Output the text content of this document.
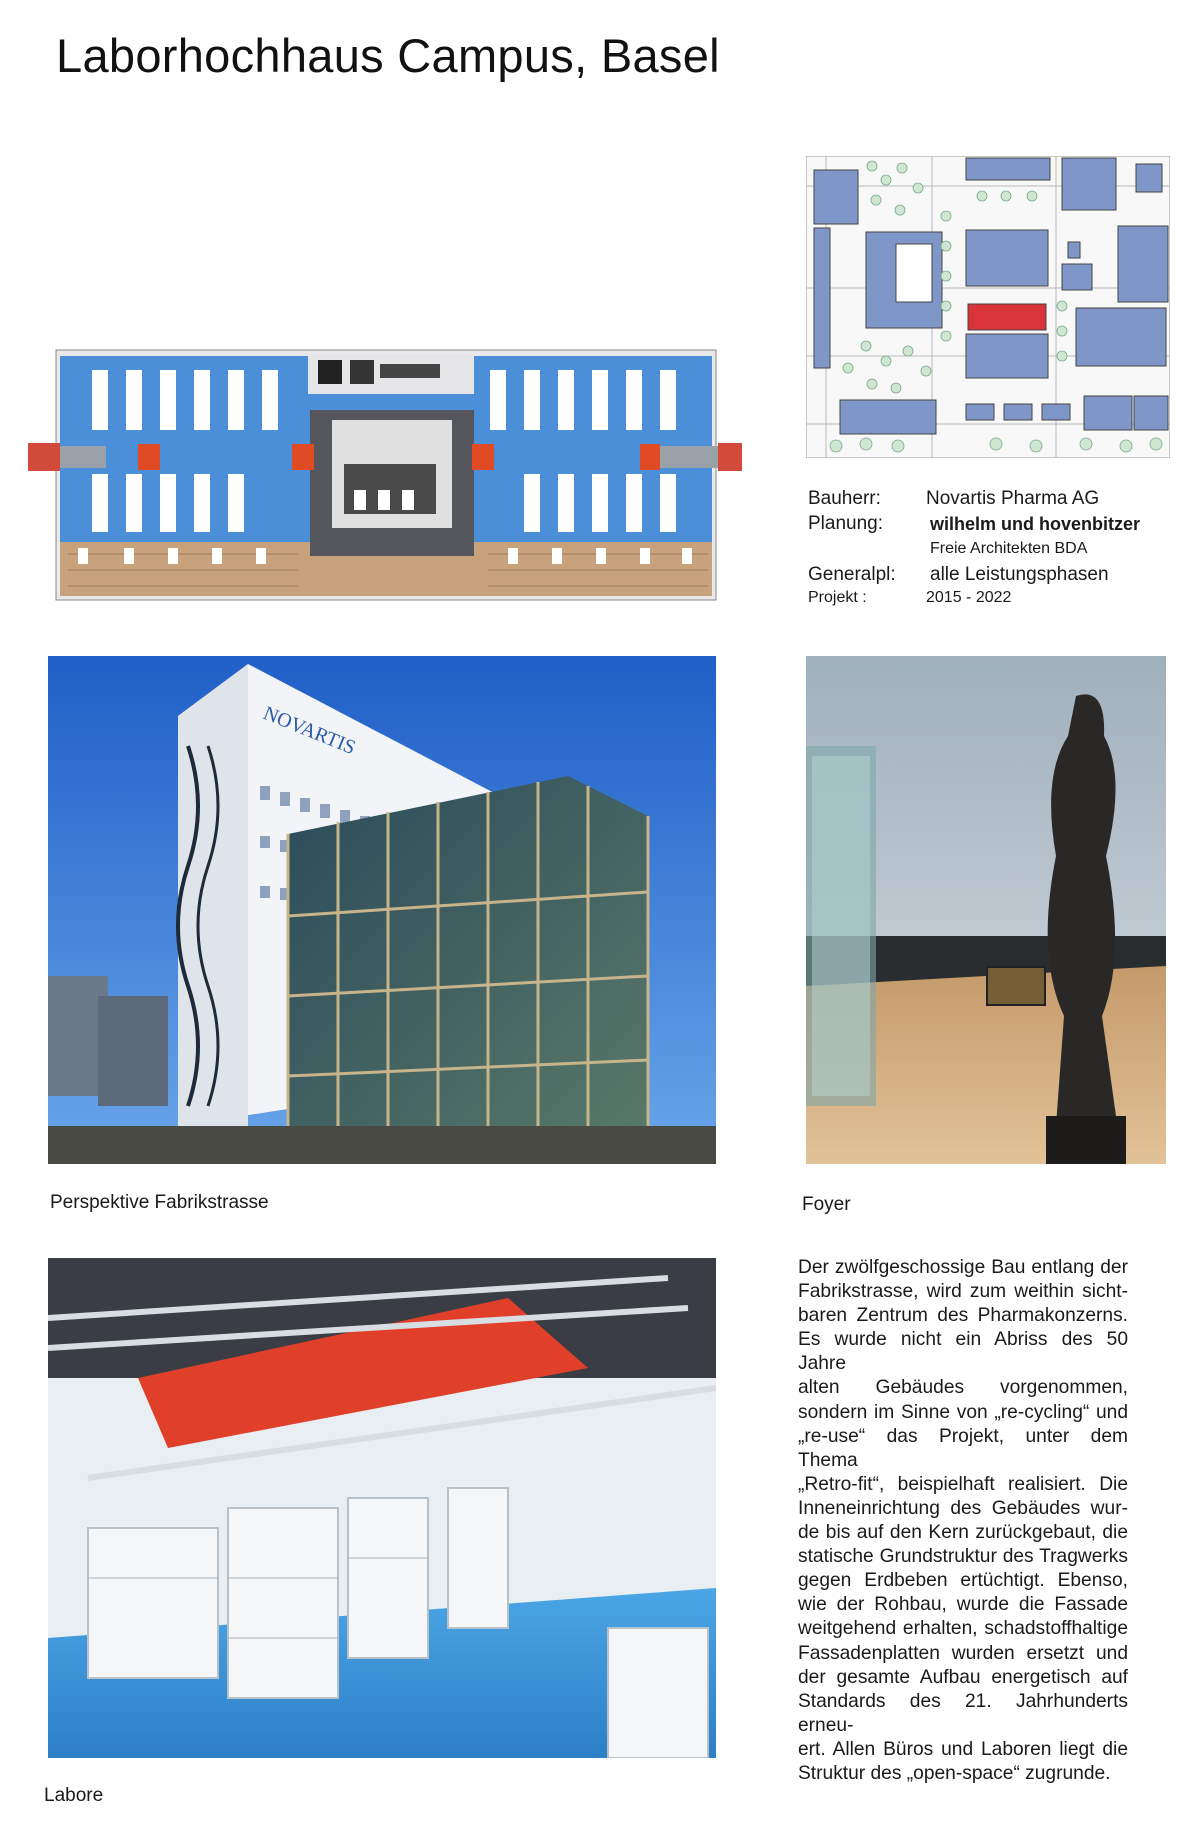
Laborhochhaus Campus, Basel
Bauherr: Novartis Pharma AG
Planung:	wilhelm und hovenbitzer
Freie Architekten BDA
Generalpl: alle Leistungsphasen
Projekt :	2015 - 2022
NOVARTIS
Perspektive Fabrikstrasse	Foyer
Der zwölfgeschossige Bau entlang der
Fabrikstrasse, wird zum weithin sicht-
baren Zentrum des Pharmakonzerns.
Es wurde nicht ein Abriss des 50 Jahre
alten Gebäudes vorgenommen,
sondern im Sinne von „re-cycling“ und
„re-use“ das Projekt, unter dem Thema
„Retro-fit“, beispielhaft realisiert. Die
Inneneinrichtung des Gebäudes wur-
de bis auf den Kern zurückgebaut, die
statische Grundstruktur des Tragwerks
gegen Erdbeben ertüchtigt. Ebenso,
wie der Rohbau, wurde die Fassade
weitgehend erhalten, schadstoffhaltige
Fassadenplatten wurden ersetzt und
der gesamte Aufbau energetisch auf
Standards des 21. Jahrhunderts erneu-
ert. Allen Büros und Laboren liegt die
Struktur des „open-space“ zugrunde.
Labore
